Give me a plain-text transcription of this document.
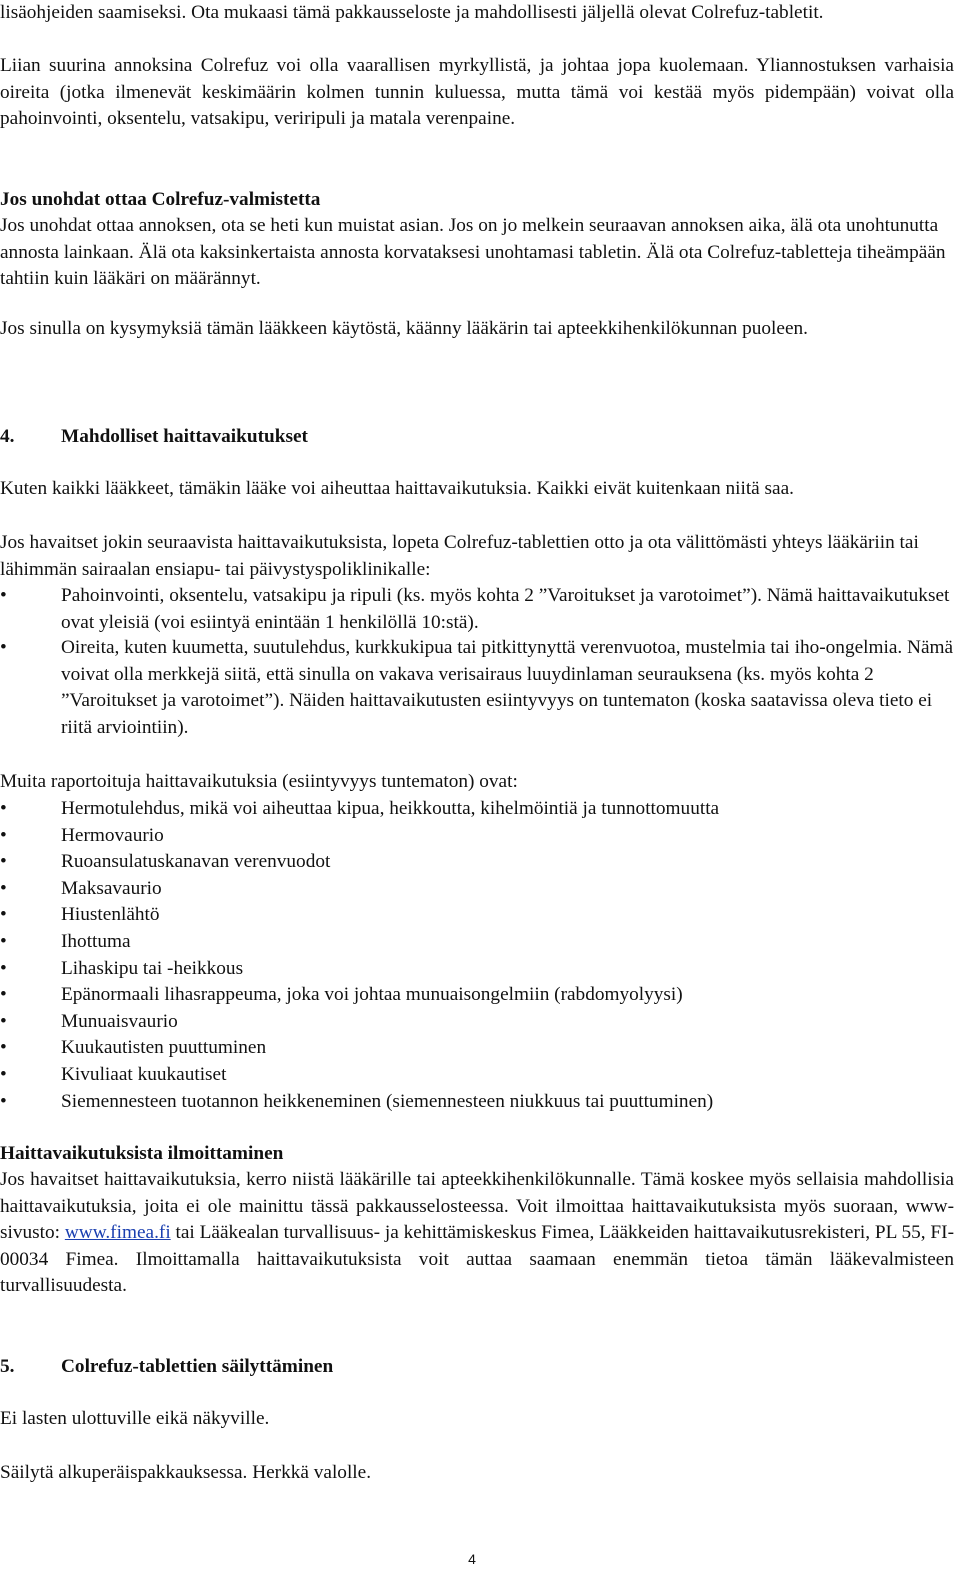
lisäohjeiden saamiseksi. Ota mukaasi tämä pakkausseloste ja mahdollisesti jäljellä olevat Colrefuz-tabletit.

Liian suurina annoksina Colrefuz voi olla vaarallisen myrkyllistä, ja johtaa jopa kuolemaan. Yliannostuksen varhaisia oireita (jotka ilmenevät keskimäärin kolmen tunnin kuluessa, mutta tämä voi kestää myös pidempään) voivat olla pahoinvointi, oksentelu, vatsakipu, veriripuli ja matala verenpaine.

Jos unohdat ottaa Colrefuz-valmistetta

Jos unohdat ottaa annoksen, ota se heti kun muistat asian. Jos on jo melkein seuraavan annoksen aika, älä ota unohtunutta annosta lainkaan. Älä ota kaksinkertaista annosta korvataksesi unohtamasi tabletin. Älä ota Colrefuz-tabletteja tiheämpään tahtiin kuin lääkäri on määrännyt.

Jos sinulla on kysymyksiä tämän lääkkeen käytöstä, käänny lääkärin tai apteekkihenkilökunnan puoleen.

4. Mahdolliset haittavaikutukset

Kuten kaikki lääkkeet, tämäkin lääke voi aiheuttaa haittavaikutuksia. Kaikki eivät kuitenkaan niitä saa.

Jos havaitset jokin seuraavista haittavaikutuksista, lopeta Colrefuz-tablettien otto ja ota välittömästi yhteys lääkäriin tai lähimmän sairaalan ensiapu- tai päivystyspoliklinikalle:

•	Pahoinvointi, oksentelu, vatsakipu ja ripuli (ks. myös kohta 2 ”Varoitukset ja varotoimet”). Nämä haittavaikutukset ovat yleisiä (voi esiintyä enintään 1 henkilöllä 10:stä).

•	Oireita, kuten kuumetta, suutulehdus, kurkkukipua tai pitkittynyttä verenvuotoa, mustelmia tai iho-ongelmia. Nämä voivat olla merkkejä siitä, että sinulla on vakava verisairaus luuydinlaman seurauksena (ks. myös kohta 2 ”Varoitukset ja varotoimet”). Näiden haittavaikutusten esiintyvyys on tuntematon (koska saatavissa oleva tieto ei riitä arviointiin).

Muita raportoituja haittavaikutuksia (esiintyvyys tuntematon) ovat:

•	Hermotulehdus, mikä voi aiheuttaa kipua, heikkoutta, kihelmöintiä ja tunnottomuutta
•	Hermovaurio
•	Ruoansulatuskanavan verenvuodot
•	Maksavaurio
•	Hiustenlähtö
•	Ihottuma
•	Lihaskipu tai -heikkous
•	Epänormaali lihasrappeuma, joka voi johtaa munuaisongelmiin (rabdomyolyysi)
•	Munuaisvaurio
•	Kuukautisten puuttuminen
•	Kivuliaat kuukautiset
•	Siemennesteen tuotannon heikkeneminen (siemennesteen niukkuus tai puuttuminen)

Haittavaikutuksista ilmoittaminen

Jos havaitset haittavaikutuksia, kerro niistä lääkärille tai apteekkihenkilökunnalle. Tämä koskee myös sellaisia mahdollisia haittavaikutuksia, joita ei ole mainittu tässä pakkausselosteessa. Voit ilmoittaa haittavaikutuksista myös suoraan, www-sivusto: www.fimea.fi tai Lääkealan turvallisuus- ja kehittämiskeskus Fimea, Lääkkeiden haittavaikutusrekisteri, PL 55, FI-00034 Fimea. Ilmoittamalla haittavaikutuksista voit auttaa saamaan enemmän tietoa tämän lääkevalmisteen turvallisuudesta.

5. Colrefuz-tablettien säilyttäminen

Ei lasten ulottuville eikä näkyville.

Säilytä alkuperäispakkauksessa. Herkkä valolle.

4
